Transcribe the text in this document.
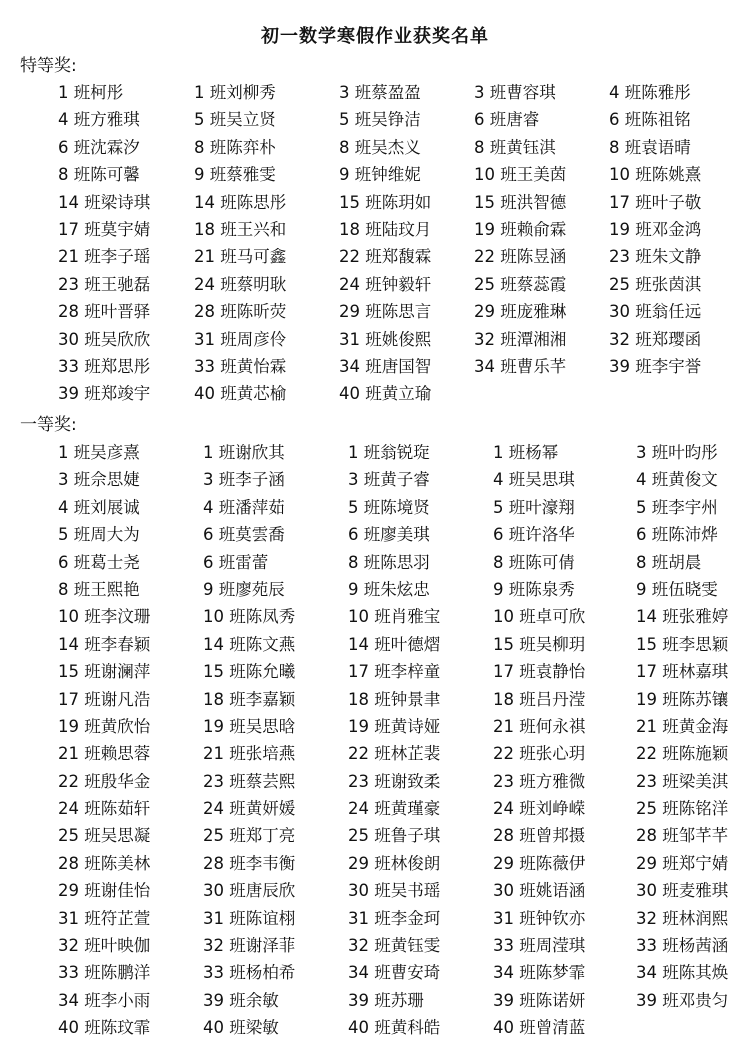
初一数学寒假作业获奖名单
特等奖:
1 班柯彤	1 班刘柳秀	3 班蔡盈盈	3 班曹容琪	4 班陈雅彤
4 班方雅琪	5 班吴立贤	5 班吴铮洁	6 班唐睿	6 班陈祖铭
6 班沈霖汐	8 班陈弈朴	8 班吴杰义	8 班黄钰淇	8 班袁语晴
8 班陈可馨	9 班蔡雅雯	9 班钟维妮	10 班王美茵	10 班陈姚熹
14 班梁诗琪	14 班陈思彤	15 班陈玥如	15 班洪智德	17 班叶子敬
17 班莫宇婧	18 班王兴和	18 班陆玟月	19 班赖俞霖	19 班邓金鸿
21 班李子瑶	21 班马可鑫	22 班郑馥霖	22 班陈昱涵	23 班朱文静
23 班王驰磊	24 班蔡明耿	24 班钟毅轩	25 班蔡蕊霞	25 班张茵淇
28 班叶晋驿	28 班陈昕荧	29 班陈思言	29 班庞雅琳	30 班翁任远
30 班吴欣欣	31 班周彦伶	31 班姚俊熙	32 班潭湘湘	32 班郑璎函
33 班郑思彤	33 班黄怡霖	34 班唐国智	34 班曹乐芊	39 班李宇誉
39 班郑竣宇	40 班黄芯榆	40 班黄立瑜
一等奖:
1 班吴彦熹	1 班谢欣其	1 班翁锐琁	1 班杨幂	3 班叶昀彤
3 班佘思婕	3 班李子涵	3 班黄子睿	4 班吴思琪	4 班黄俊文
4 班刘展诚	4 班潘萍茹	5 班陈境贤	5 班叶濠翔	5 班李宇州
5 班周大为	6 班莫雲喬	6 班廖美琪	6 班许洛华	6 班陈沛烨
6 班葛士尧	6 班雷蕾	8 班陈思羽	8 班陈可倩	8 班胡晨
8 班王熙艳	9 班廖苑辰	9 班朱炫忠	9 班陈泉秀	9 班伍晓雯
10 班李汶珊	10 班陈凤秀	10 班肖雅宝	10 班卓可欣	14 班张雅婷
14 班李春颖	14 班陈文燕	14 班叶德熠	15 班吴柳玥	15 班李思颖
15 班谢澜萍	15 班陈允曦	17 班李梓童	17 班袁静怡	17 班林嘉琪
17 班谢凡浩	18 班李嘉颖	18 班钟景聿	18 班吕丹滢	19 班陈苏镶
19 班黄欣怡	19 班吴思晗	19 班黄诗娅	21 班何永祺	21 班黄金海
21 班赖思蓉	21 班张培燕	22 班林芷裴	22 班张心玥	22 班陈施颖
22 班殷华金	23 班蔡芸熙	23 班谢致柔	23 班方雅微	23 班梁美淇
24 班陈茹轩	24 班黄妍媛	24 班黄瑾豪	24 班刘峥嵘	25 班陈铭洋
25 班吴思凝	25 班郑丁亮	25 班鲁子琪	28 班曾邦摄	28 班邹芊芊
28 班陈美林	28 班李韦衡	29 班林俊朗	29 班陈薇伊	29 班郑宁婧
29 班谢佳怡	30 班唐辰欣	30 班吴书瑶	30 班姚语涵	30 班麦雅琪
31 班符芷萱	31 班陈谊栩	31 班李金珂	31 班钟钦亦	32 班林润熙
32 班叶映伽	32 班谢泽菲	32 班黄钰雯	33 班周滢琪	33 班杨茜涵
33 班陈鹏洋	33 班杨柏希	34 班曹安琦	34 班陈梦霏	34 班陈其焕
34 班李小雨	39 班余敏	39 班苏珊	39 班陈诺妍	39 班邓贵匀
40 班陈玟霏	40 班梁敏	40 班黄科皓	40 班曾清蓝
